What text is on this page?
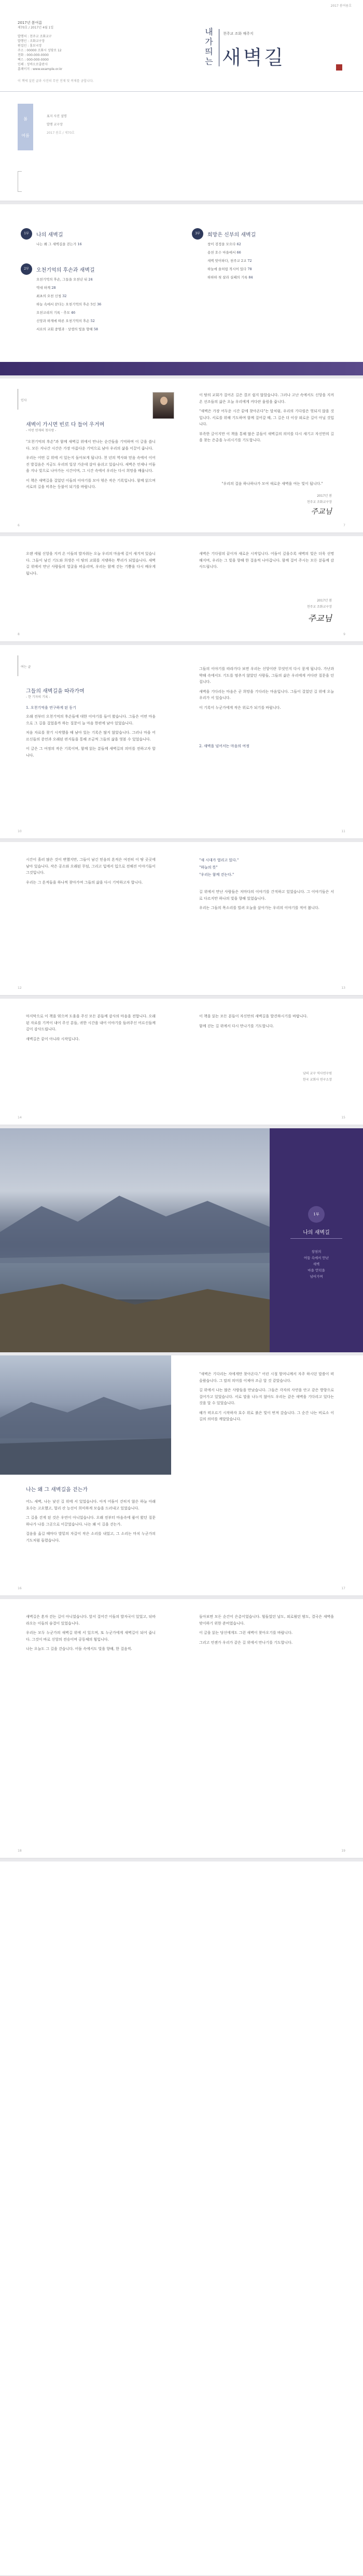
2017 봄여름호
2017년 봄여름
제70호 / 2017년 4월 1일
발행처 : 천주교 조화교구
발행인 : 조화교구장
편집인 : 홍보국장
주소 : 00000 조화시 성당로 12
전화 : 000-000-0000
팩스 : 000-000-0000
인쇄 : 성바오로출판사
홈페이지 : www.example.or.kr
이 책에 실린 글과 사진의 무단 전재 및 복제를 금합니다.
내
가
띄
는
천주교 조화 매주지
새벽길
봄
여름
표지 사진 설명
발행 교구장
2017 봄호 / 제70호
1부	나의 새벽길
나는 왜 그 새벽길을 걷는가 16
2부	오천기억의 후손과 새벽길
오천기억의 후손, 그들을 오천년 뒤 24
역대 하계 28
최초의 오천 신청 32
하늘 속에서 꾼다는 오천기억의 후손 5인 36
오천교리의 기록 · 추모 46
신앙과 하계에 따른 오천기억의 후손 52
서로의 교회 중명과 · 상생의 빛을 향해 58
3부	희망은 신부의 새벽길
창이 검정을 모으다 62
용천 호수 마을에서 66
새벽 맞이하다, 천주교 2교 72
하늘에 솔처럼 적시어 있다 78
하하하 첫 살라 실패의 기록 84
인사
새벽이 가시면 빈로 다 들어 우거며
- 어떤 연재의 첫사랑 -

"오천기억의 후손"과 함께 새벽길 위에서 만나는 순간들을 기억하며 이 글을 씁니다. 모든 지나간 시간은 가장 아름다운 기억으로 남아 우리의 삶을 이끌어 줍니다.

우리는 어떤 길 위에 서 있는지 돌아보게 됩니다. 천 년의 역사와 믿음 속에서 이어진 발걸음은 지금도 우리의 일상 가운데 살아 숨쉬고 있습니다. 새벽은 언제나 어둠을 지나 빛으로 나아가는 시간이며, 그 시간 속에서 우리는 다시 희망을 배웁니다.

이 책은 새벽길을 걸었던 이들의 이야기를 모아 엮은 작은 기록입니다. 함께 읽으며 서로의 길을 비추는 등불이 되기를 바랍니다.

이 땅의 교회가 걸어온 길은 결코 쉽지 않았습니다. 그러나 고난 속에서도 신앙을 지켜 온 선조들의 삶은 오늘 우리에게 커다란 울림을 줍니다.

"새벽은 가장 어두운 시간 끝에 찾아온다"는 말처럼, 우리의 기다림은 헛되지 않을 것입니다. 서로를 위해 기도하며 함께 걸어갈 때, 그 길은 더 이상 외로운 길이 아닐 것입니다.

부족한 글이지만 이 책을 통해 많은 분들이 새벽길의 의미를 다시 새기고 자신만의 길을 찾는 은총을 누리시기를 기도합니다.

"우리의 걸음 하나하나가 모여 새로운 새벽을 여는 빛이 됩니다."
2017년 봄
천주교 조화교구장
주교님
6	7
오랜 세월 신앙을 지켜 온 이들의 발자취는 오늘 우리의 마음에 깊이 새겨져 있습니다. 그들이 남긴 기도와 희생은 이 땅의 교회를 지탱하는 뿌리가 되었습니다. 새벽길 위에서 만난 사람들의 얼굴을 떠올리며, 우리는 함께 걷는 기쁨을 다시 배우게 됩니다.
새벽은 기다림의 끝이자 새로운 시작입니다. 어둠이 깊을수록 새벽의 빛은 더욱 선명해지며, 우리는 그 빛을 향해 한 걸음씩 나아갑니다. 함께 걸어 주시는 모든 분들께 감사드립니다.
2017년 봄
천주교 조화교구장
주교님
8	9
여는 글
그들의 새벽길을 따라가며
- 한 기자의 기록 -
1. 오천기억을 연구하게 된 동기

오래 전부터 오천기억의 후손들에 대한 이야기를 들어 왔습니다. 그들은 어떤 마음으로 그 길을 걸었을까 하는 질문이 늘 마음 한편에 남아 있었습니다.

처음 자료를 찾기 시작했을 때 남아 있는 기록은 많지 않았습니다. 그러나 마을 어르신들의 증언과 오래된 편지들을 통해 조금씩 그들의 삶을 엿볼 수 있었습니다.

이 글은 그 여정의 작은 기록이며, 함께 읽는 분들께 새벽길의 의미를 전하고자 합니다.

그들의 이야기를 따라가다 보면 우리는 신앙이란 무엇인지 다시 묻게 됩니다. 가난과 박해 속에서도 기도를 멈추지 않았던 사람들, 그들의 삶은 우리에게 커다란 질문을 던집니다.

새벽을 기다리는 마음은 곧 희망을 기다리는 마음입니다. 그들이 걸었던 길 위에 오늘 우리가 서 있습니다.

이 기록이 누군가에게 작은 위로가 되기를 바랍니다.

2. 새벽을 넘어서는 마음의 여정
10	11

시간이 흘러 많은 것이 변했지만, 그들이 남긴 믿음의 흔적은 여전히 이 땅 곳곳에 남아 있습니다. 작은 공소와 오래된 무덤, 그리고 입에서 입으로 전해진 이야기들이 그것입니다.

우리는 그 흔적들을 하나씩 찾아가며 그들의 삶을 다시 기억하고자 합니다.

"새 시대가 열리고 있다."
"하늘의 뜻"
"우리는 함께 걷는다."

길 위에서 만난 사람들은 저마다의 이야기를 간직하고 있었습니다. 그 이야기들은 서로 다르지만 하나의 빛을 향해 있었습니다.

우리는 그들의 목소리를 빌려 오늘을 살아가는 우리의 이야기를 적어 봅니다.

12	13

마지막으로 이 책을 엮으며 도움을 주신 모든 분들께 감사의 마음을 전합니다. 오래된 자료를 기꺼이 내어 주신 분들, 귀한 시간을 내어 이야기를 들려주신 어르신들께 깊이 감사드립니다.

새벽길은 끝이 아니라 시작입니다.

이 책을 읽는 모든 분들이 자신만의 새벽길을 발견하시기를 바랍니다.

함께 걷는 길 위에서 다시 만나기를 기도합니다.

남의 교구 역사연구원
한국 교회사 연구소장
14	15
1부
나의 새벽길
창천의
어둠 속에서 만난
새벽
마을 언덕을
넘어가며
나는 왜 그 새벽길을 걷는가

어느 새벽, 나는 낯선 길 위에 서 있었습니다. 아직 어둠이 걷히지 않은 하늘 아래 호수는 고요했고, 멀리 산 능선이 희미하게 모습을 드러내고 있었습니다.

그 길을 걷게 된 것은 우연이 아니었습니다. 오래 전부터 마음속에 품어 왔던 질문 하나가 나를 그곳으로 이끌었습니다. 나는 왜 이 길을 걷는가.

걸음을 옮길 때마다 발밑의 자갈이 작은 소리를 내었고, 그 소리는 마치 누군가의 기도처럼 들렸습니다.

"새벽은 기다리는 자에게만 찾아온다." 어린 시절 할머니께서 자주 하시던 말씀이 떠올랐습니다. 그 말의 의미를 이제야 조금 알 것 같았습니다.

길 위에서 나는 많은 사람들을 만났습니다. 그들은 각자의 사연을 안고 같은 방향으로 걸어가고 있었습니다. 서로 말을 나누지 않아도 우리는 같은 새벽을 기다리고 있다는 것을 알 수 있었습니다.

해가 떠오르기 시작하자 호수 위로 붉은 빛이 번져 갔습니다. 그 순간 나는 비로소 이 길의 의미를 깨달았습니다.

16	17

새벽길은 혼자 걷는 길이 아니었습니다. 앞서 걸어간 이들의 발자국이 있었고, 뒤따라오는 이들의 숨결이 있었습니다.

우리는 모두 누군가의 새벽길 위에 서 있으며, 또 누군가에게 새벽길이 되어 줍니다. 그것이 바로 신앙의 전승이며 공동체의 힘입니다.

나는 오늘도 그 길을 걷습니다. 어둠 속에서도 빛을 향해, 한 걸음씩.

돌아보면 모든 순간이 은총이었습니다. 힘들었던 날도, 외로웠던 밤도, 결국은 새벽을 맞이하기 위한 준비였습니다.

이 글을 읽는 당신에게도 그런 새벽이 찾아오기를 바랍니다.

그리고 언젠가 우리가 같은 길 위에서 만나기를 기도합니다.

18	19
